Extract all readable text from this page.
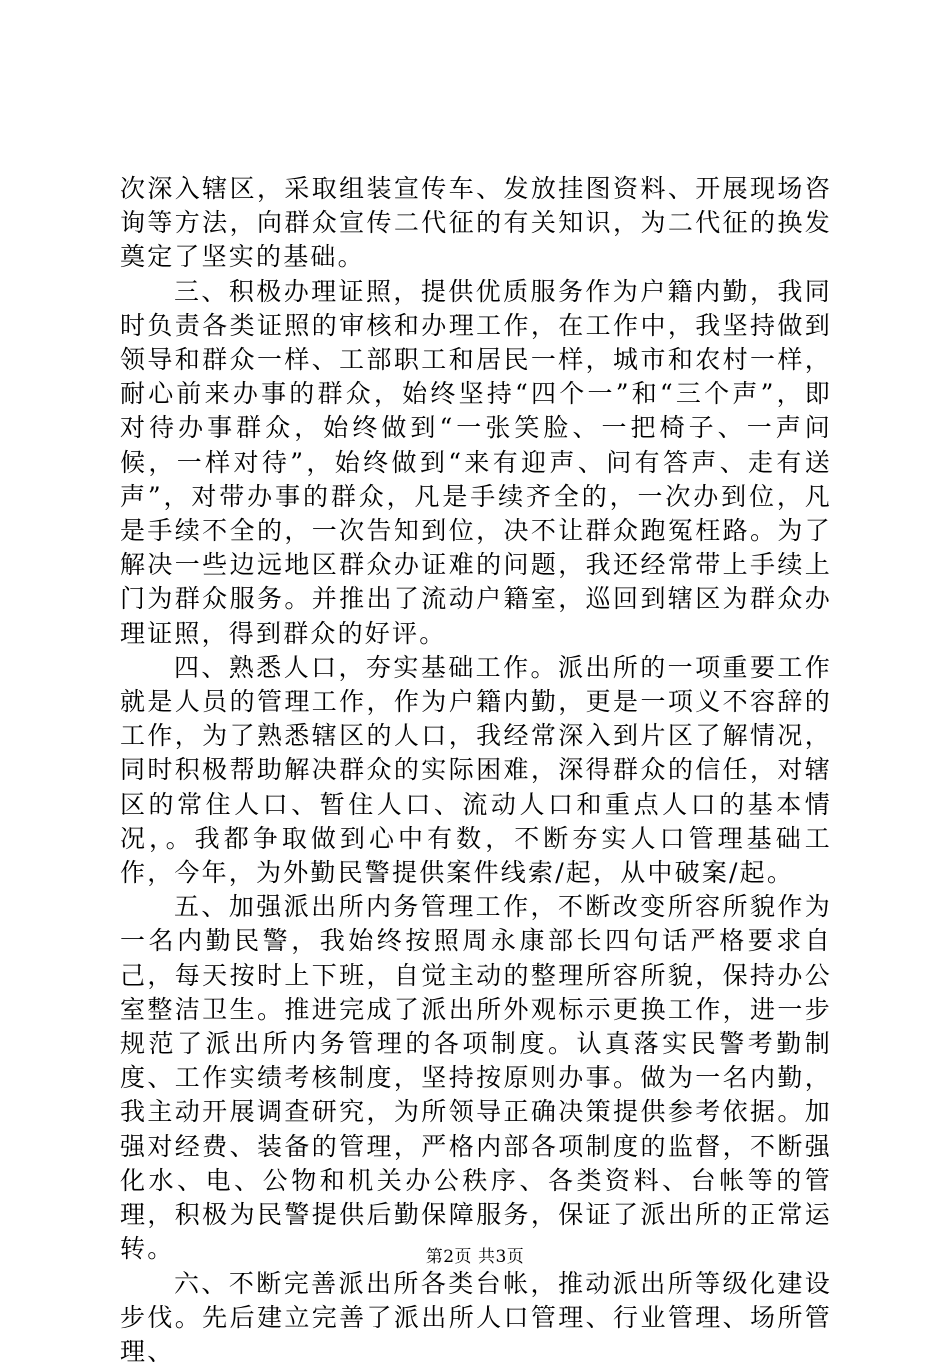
次深入辖区，采取组装宣传车、发放挂图资料、开展现场咨询等方法，向群众宣传二代征的有关知识，为二代征的换发奠定了坚实的基础。

三、积极办理证照，提供优质服务作为户籍内勤，我同时负责各类证照的审核和办理工作，在工作中，我坚持做到领导和群众一样、工部职工和居民一样，城市和农村一样，耐心前来办事的群众，始终坚持“四个一”和“三个声”，即对待办事群众，始终做到“一张笑脸、一把椅子、一声问候，一样对待”，始终做到“来有迎声、问有答声、走有送声”，对带办事的群众，凡是手续齐全的，一次办到位，凡是手续不全的，一次告知到位，决不让群众跑冤枉路。为了解决一些边远地区群众办证难的问题，我还经常带上手续上门为群众服务。并推出了流动户籍室，巡回到辖区为群众办理证照，得到群众的好评。

四、熟悉人口，夯实基础工作。派出所的一项重要工作就是人员的管理工作，作为户籍内勤，更是一项义不容辞的工作，为了熟悉辖区的人口，我经常深入到片区了解情况，同时积极帮助解决群众的实际困难，深得群众的信任，对辖区的常住人口、暂住人口、流动人口和重点人口的基本情况，。我都争取做到心中有数，不断夯实人口管理基础工作，今年，为外勤民警提供案件线索/起，从中破案/起。

五、加强派出所内务管理工作，不断改变所容所貌作为一名内勤民警，我始终按照周永康部长四句话严格要求自己，每天按时上下班，自觉主动的整理所容所貌，保持办公室整洁卫生。推进完成了派出所外观标示更换工作，进一步规范了派出所内务管理的各项制度。认真落实民警考勤制度、工作实绩考核制度，坚持按原则办事。做为一名内勤，我主动开展调查研究，为所领导正确决策提供参考依据。加强对经费、装备的管理，严格内部各项制度的监督，不断强化水、电、公物和机关办公秩序、各类资料、台帐等的管理，积极为民警提供后勤保障服务，保证了派出所的正常运转。

六、不断完善派出所各类台帐，推动派出所等级化建设步伐。先后建立完善了派出所人口管理、行业管理、场所管理、

第2页 共3页
